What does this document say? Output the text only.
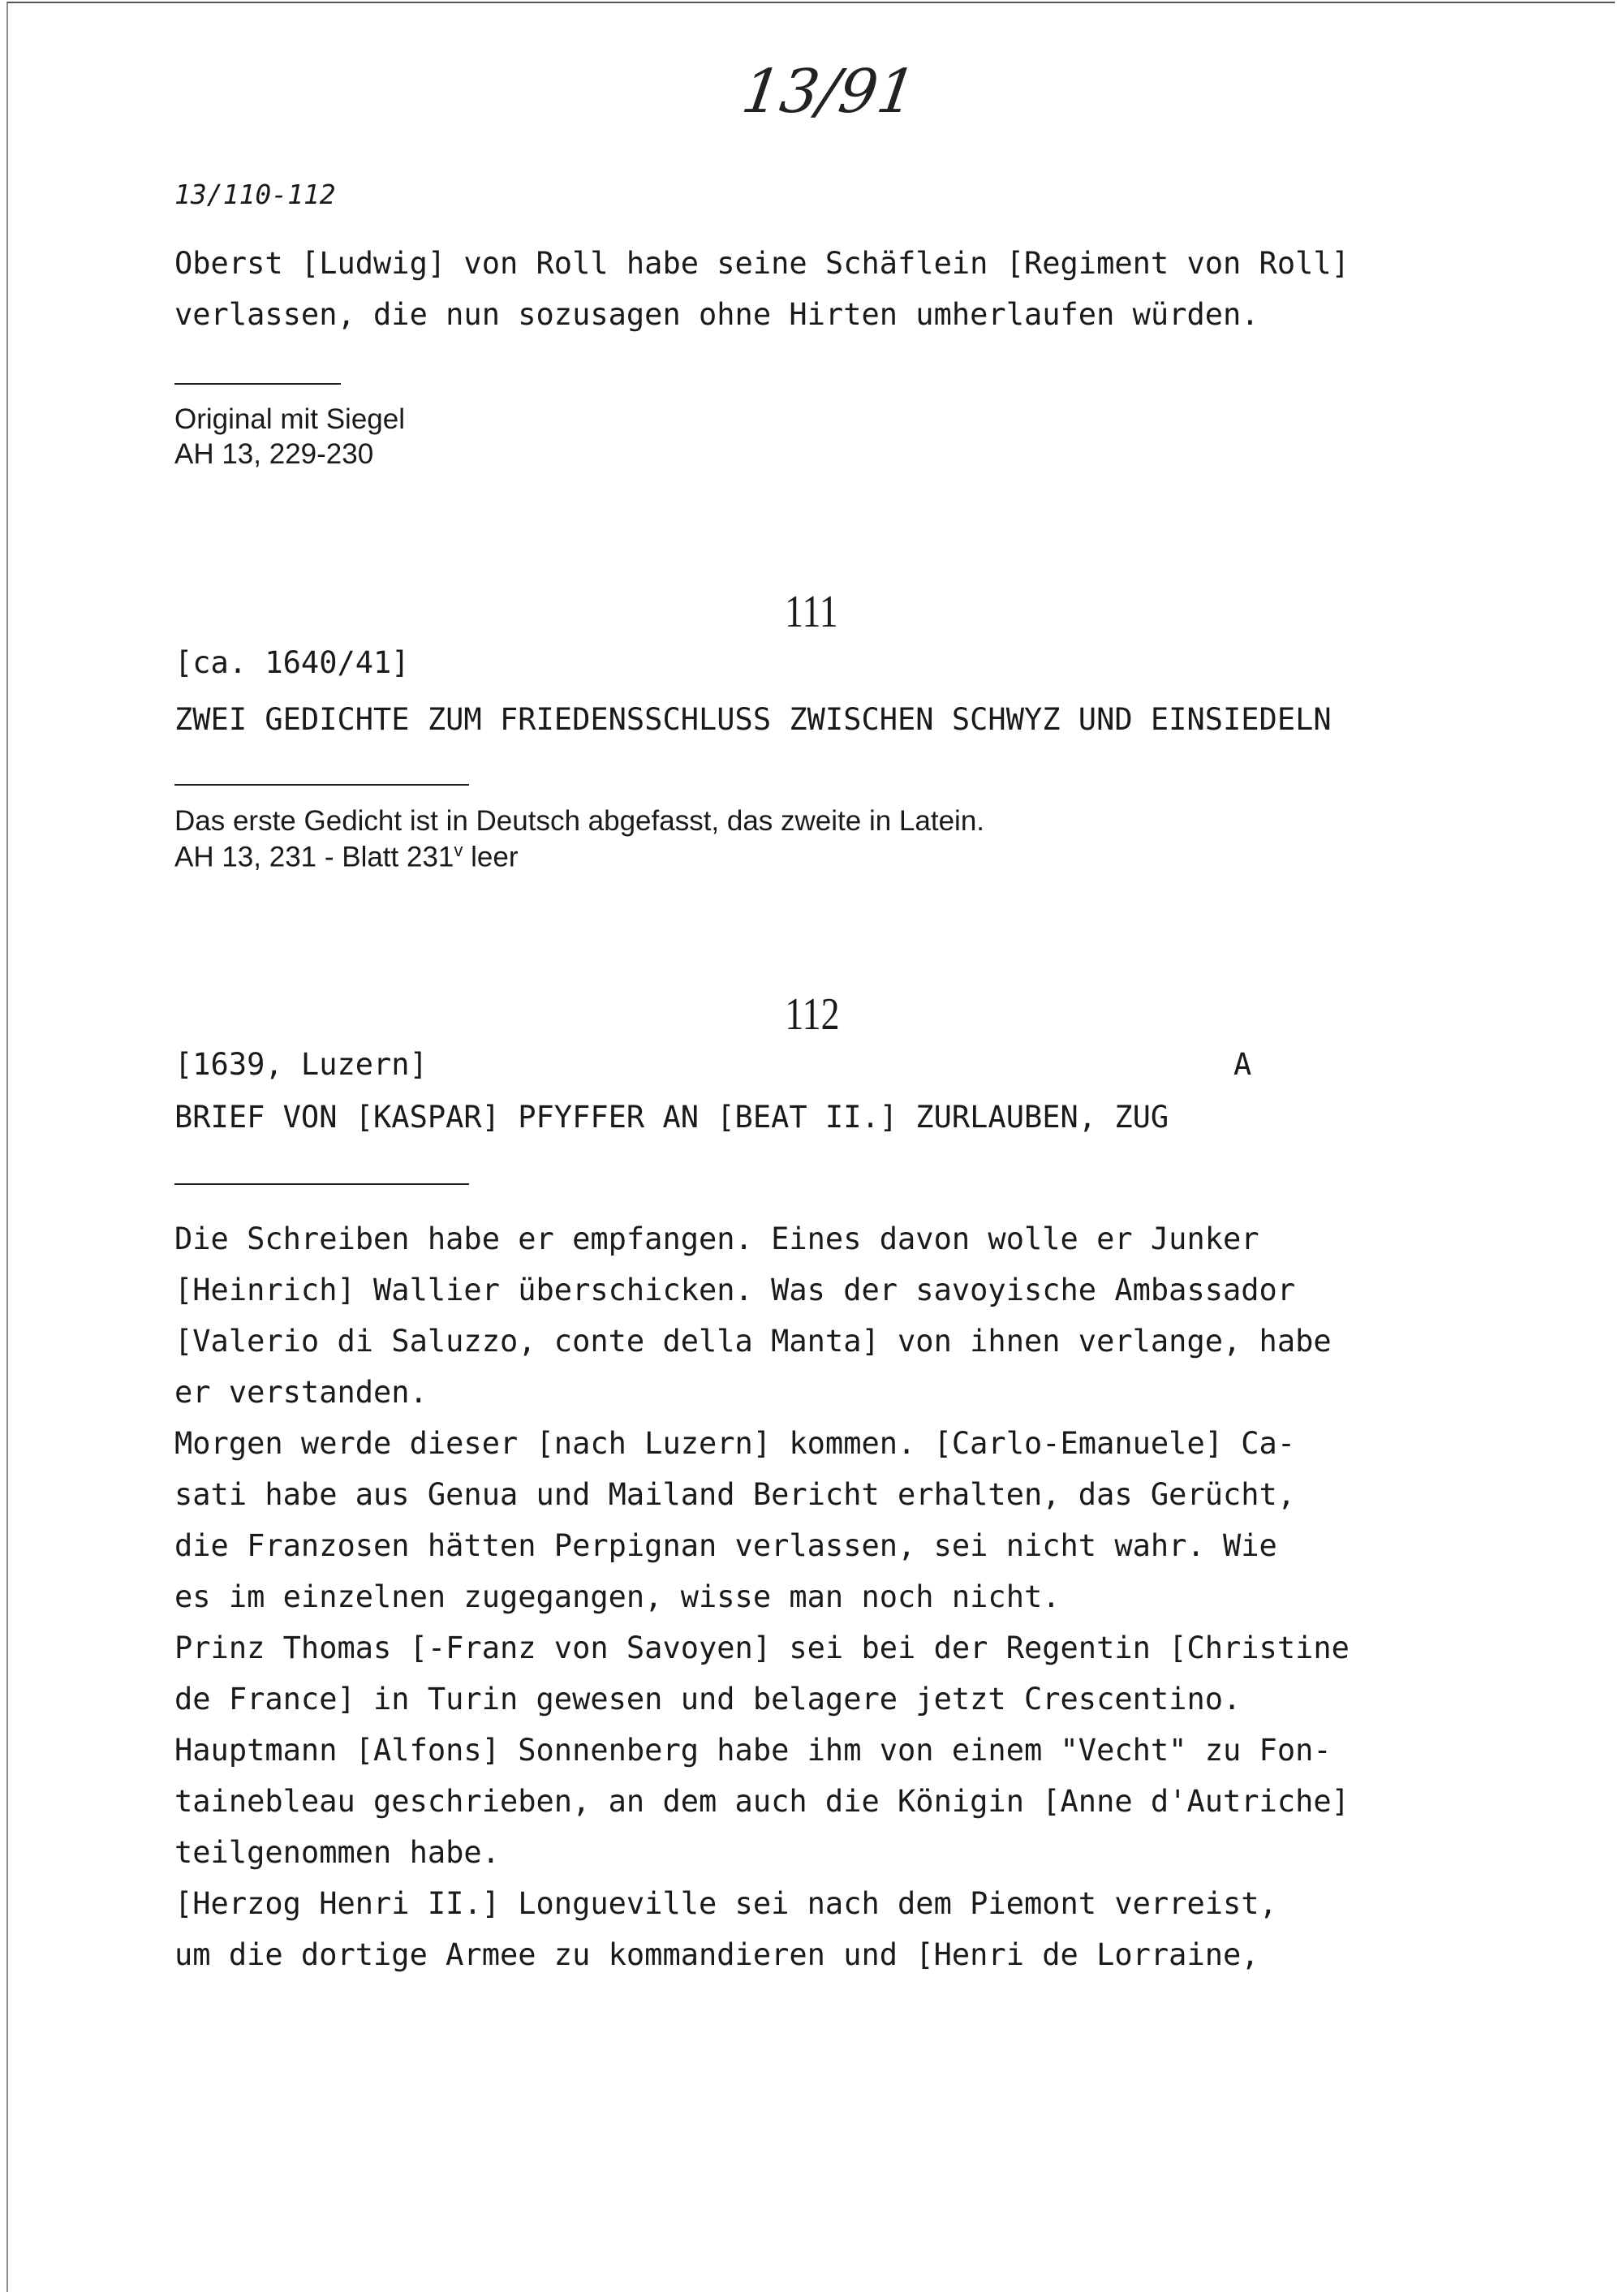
13/91
13/110-112
Oberst [Ludwig] von Roll habe seine Schäflein [Regiment von Roll]
verlassen, die nun sozusagen ohne Hirten umherlaufen würden.
Original mit Siegel
AH 13, 229-230
111
[ca. 1640/41]
ZWEI GEDICHTE ZUM FRIEDENSSCHLUSS ZWISCHEN SCHWYZ UND EINSIEDELN
Das erste Gedicht ist in Deutsch abgefasst, das zweite in Latein.
AH 13, 231 - Blatt 231$^v$ leer
112
[1639, Luzern]	A
BRIEF VON [KASPAR] PFYFFER AN [BEAT II.] ZURLAUBEN, ZUG
Die Schreiben habe er empfangen. Eines davon wolle er Junker
[Heinrich] Wallier überschicken. Was der savoyische Ambassador
[Valerio di Saluzzo, conte della Manta] von ihnen verlange, habe
er verstanden.
Morgen werde dieser [nach Luzern] kommen. [Carlo-Emanuele] Ca-
sati habe aus Genua und Mailand Bericht erhalten, das Gerücht,
die Franzosen hätten Perpignan verlassen, sei nicht wahr. Wie
es im einzelnen zugegangen, wisse man noch nicht.
Prinz Thomas [-Franz von Savoyen] sei bei der Regentin [Christine
de France] in Turin gewesen und belagere jetzt Crescentino.
Hauptmann [Alfons] Sonnenberg habe ihm von einem "Vecht" zu Fon-
tainebleau geschrieben, an dem auch die Königin [Anne d'Autriche]
teilgenommen habe.
[Herzog Henri II.] Longueville sei nach dem Piemont verreist,
um die dortige Armee zu kommandieren und [Henri de Lorraine,
